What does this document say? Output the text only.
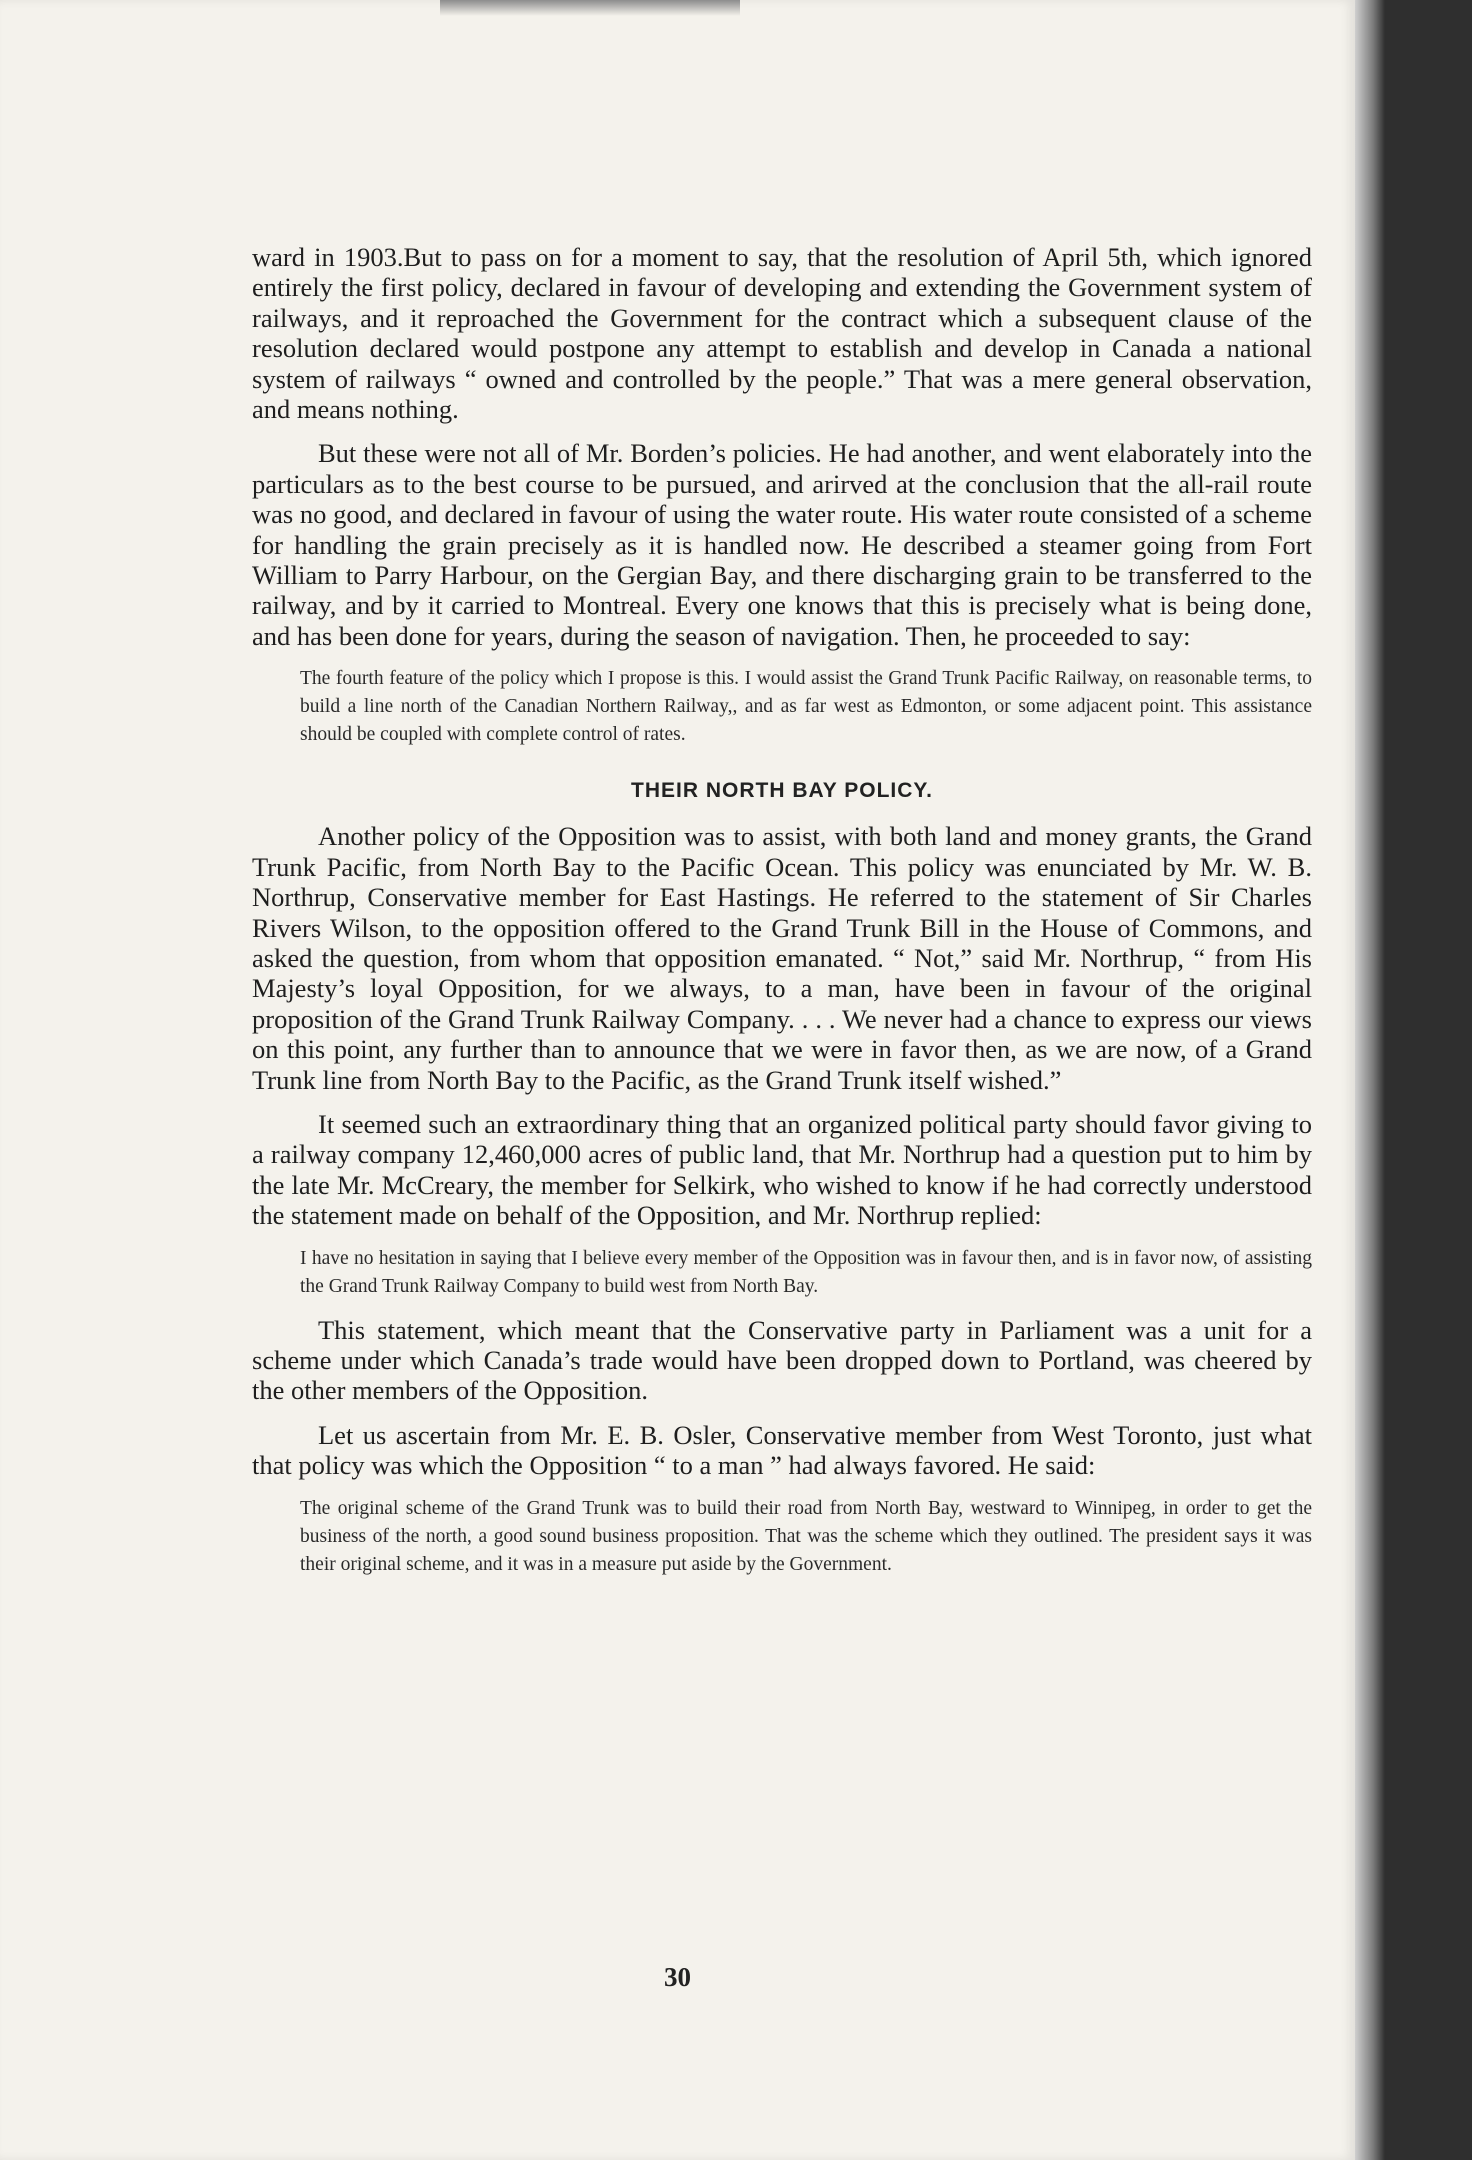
ward in 1903.But to pass on for a moment to say, that the resolution of April 5th, which ignored entirely the first policy, declared in favour of developing and extending the Government system of railways, and it reproached the Government for the contract which a subsequent clause of the resolution declared would postpone any attempt to establish and develop in Canada a national system of railways “ owned and controlled by the people.” That was a mere general observation, and means nothing.

But these were not all of Mr. Borden’s policies. He had another, and went elaborately into the particulars as to the best course to be pursued, and arirved at the conclusion that the all-rail route was no good, and declared in favour of using the water route. His water route consisted of a scheme for handling the grain precisely as it is handled now. He described a steamer going from Fort William to Parry Harbour, on the Gergian Bay, and there discharging grain to be transferred to the railway, and by it carried to Montreal. Every one knows that this is precisely what is being done, and has been done for years, during the season of navigation. Then, he proceeded to say:

The fourth feature of the policy which I propose is this. I would assist the Grand Trunk Pacific Railway, on reasonable terms, to build a line north of the Canadian Northern Railway,, and as far west as Edmonton, or some adjacent point. This assistance should be coupled with complete control of rates.

THEIR NORTH BAY POLICY.

Another policy of the Opposition was to assist, with both land and money grants, the Grand Trunk Pacific, from North Bay to the Pacific Ocean. This policy was enunciated by Mr. W. B. Northrup, Conservative member for East Hastings. He referred to the statement of Sir Charles Rivers Wilson, to the opposition offered to the Grand Trunk Bill in the House of Commons, and asked the question, from whom that opposition emanated. “ Not,” said Mr. Northrup, “ from His Majesty’s loyal Opposition, for we always, to a man, have been in favour of the original proposition of the Grand Trunk Railway Company. . . . We never had a chance to express our views on this point, any further than to announce that we were in favor then, as we are now, of a Grand Trunk line from North Bay to the Pacific, as the Grand Trunk itself wished.”

It seemed such an extraordinary thing that an organized political party should favor giving to a railway company 12,460,000 acres of public land, that Mr. Northrup had a question put to him by the late Mr. McCreary, the member for Selkirk, who wished to know if he had correctly understood the statement made on behalf of the Opposition, and Mr. Northrup replied:

I have no hesitation in saying that I believe every member of the Opposition was in favour then, and is in favor now, of assisting the Grand Trunk Railway Company to build west from North Bay.

This statement, which meant that the Conservative party in Parliament was a unit for a scheme under which Canada’s trade would have been dropped down to Portland, was cheered by the other members of the Opposition.

Let us ascertain from Mr. E. B. Osler, Conservative member from West Toronto, just what that policy was which the Opposition “ to a man ” had always favored. He said:

The original scheme of the Grand Trunk was to build their road from North Bay, westward to Winnipeg, in order to get the business of the north, a good sound business proposition. That was the scheme which they outlined. The president says it was their original scheme, and it was in a measure put aside by the Government.

30
